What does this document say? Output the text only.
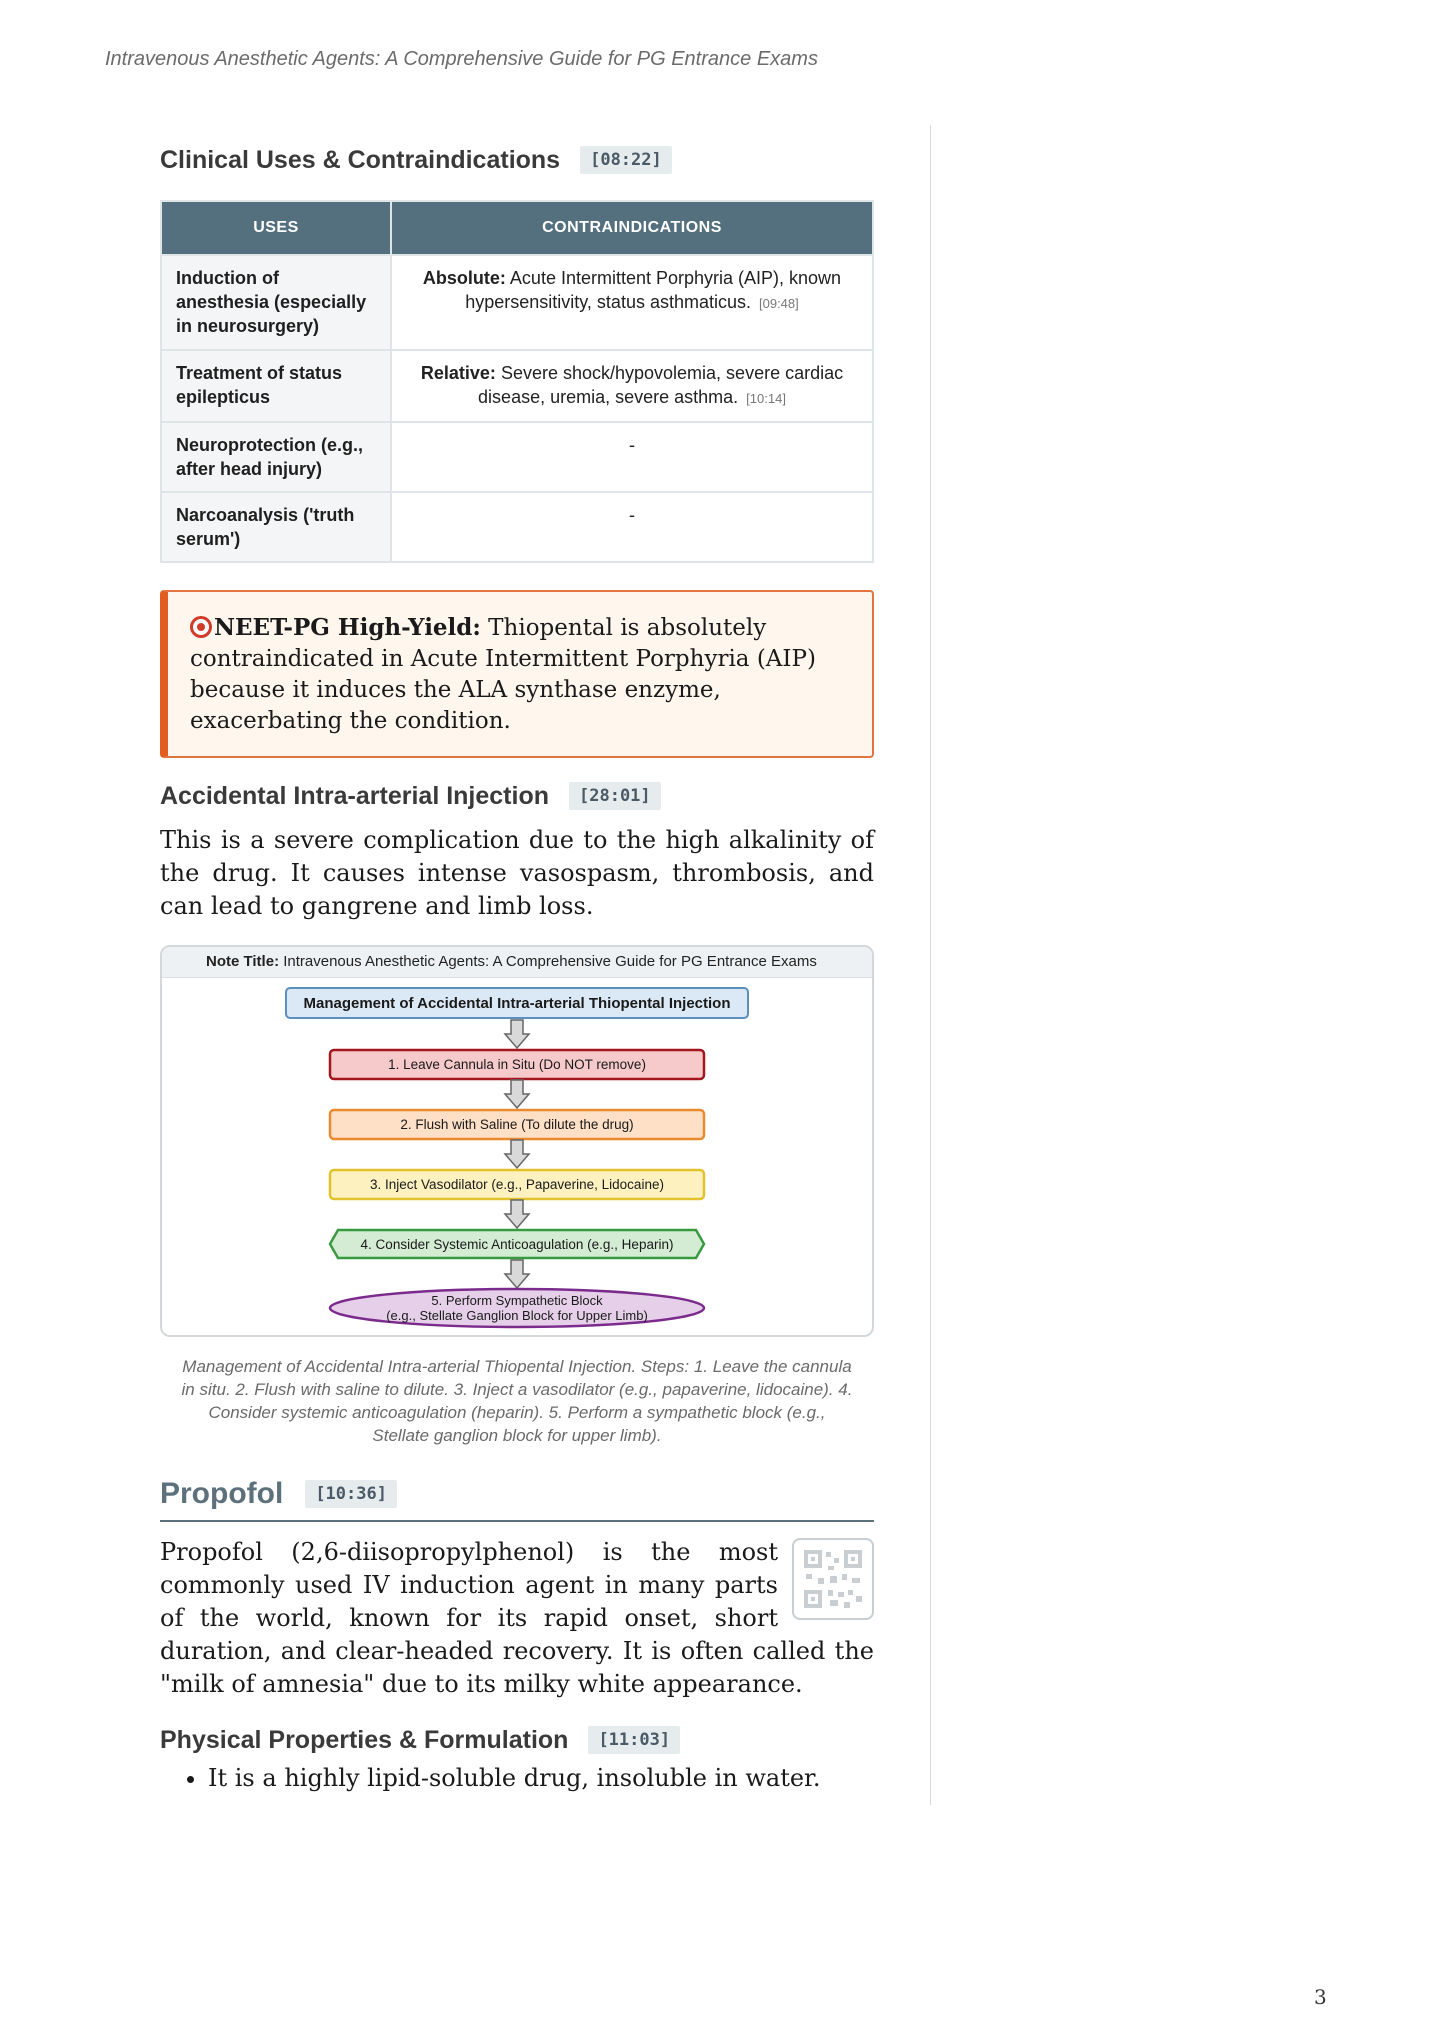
Intravenous Anesthetic Agents: A Comprehensive Guide for PG Entrance Exams
Clinical Uses & Contraindications	[08:22]
USES	CONTRAINDICATIONS
Induction of anesthesia (especially in neurosurgery)	Absolute: Acute Intermittent Porphyria (AIP), known hypersensitivity, status asthmaticus. [09:48]
Treatment of status epilepticus	Relative: Severe shock/hypovolemia, severe cardiac disease, uremia, severe asthma. [10:14]
Neuroprotection (e.g., after head injury)	-
Narcoanalysis ('truth serum')	-
NEET-PG High-Yield: Thiopental is absolutely contraindicated in Acute Intermittent Porphyria (AIP) because it induces the ALA synthase enzyme, exacerbating the condition.
Accidental Intra-arterial Injection	[28:01]

This is a severe complication due to the high alkalinity of the drug. It causes intense vasospasm, thrombosis, and can lead to gangrene and limb loss.

Note Title: Intravenous Anesthetic Agents: A Comprehensive Guide for PG Entrance Exams
Management of Accidental Intra-arterial Thiopental Injection
1. Leave Cannula in Situ (Do NOT remove)
2. Flush with Saline (To dilute the drug)
3. Inject Vasodilator (e.g., Papaverine, Lidocaine)
4. Consider Systemic Anticoagulation (e.g., Heparin)
5. Perform Sympathetic Block
(e.g., Stellate Ganglion Block for Upper Limb)
Management of Accidental Intra-arterial Thiopental Injection. Steps: 1. Leave the cannula in situ. 2. Flush with saline to dilute. 3. Inject a vasodilator (e.g., papaverine, lidocaine). 4. Consider systemic anticoagulation (heparin). 5. Perform a sympathetic block (e.g., Stellate ganglion block for upper limb).
Propofol	[10:36]

Propofol (2,6-diisopropylphenol) is the most commonly used IV induction agent in many parts of the world, known for its rapid onset, short duration, and clear-headed recovery. It is often called the "milk of amnesia" due to its milky white appearance.

Physical Properties & Formulation	[11:03]
• It is a highly lipid-soluble drug, insoluble in water.
3
